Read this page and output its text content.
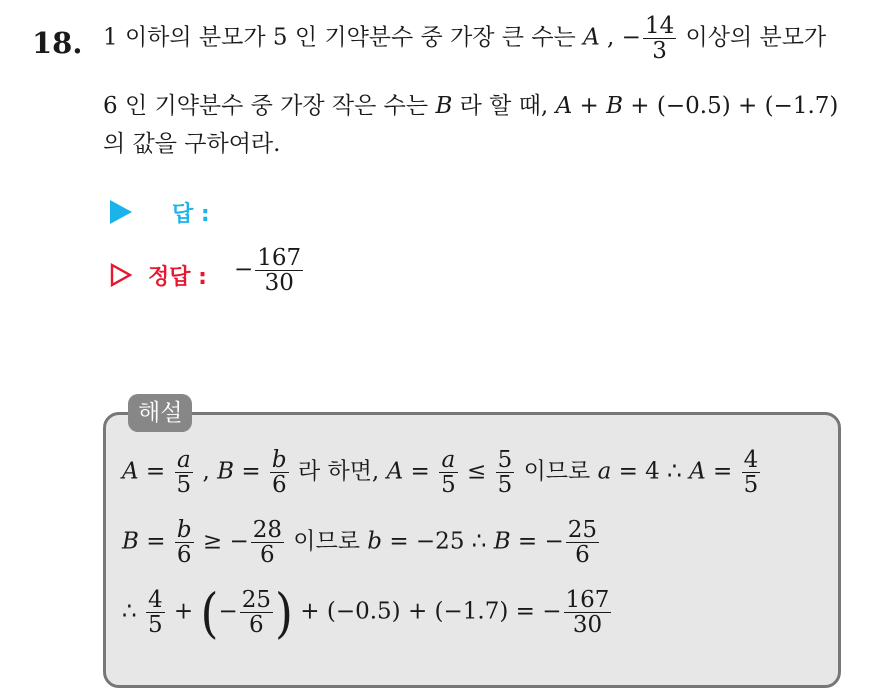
18. 1 이하의 분모가 5 인 기약분수 중 가장 큰 수는 A , − $\frac{14}{3}$ 이상의 분모가
6 인 기약분수 중 가장 작은 수는 B 라 할 때, A + B + (−0.5) + (−1.7)
의 값을 구하여라.
답 :
정답 : − $\frac{167}{30}$
해설
$A = \frac{a}{5}$ , $B = \frac{b}{6}$ 라 하면, $A = \frac{a}{5} \le \frac{5}{5}$ 이므로 a = 4 ∴ $A = \frac{4}{5}$
$B = \frac{b}{6}$ ≥ − $\frac{28}{6}$ 이므로 b = −25 ∴ B = − $\frac{25}{6}$
∴ $\frac{4}{5}$ + (− $\frac{25}{6}$ ) + (−0.5) + (−1.7) = − $\frac{167}{30}$
